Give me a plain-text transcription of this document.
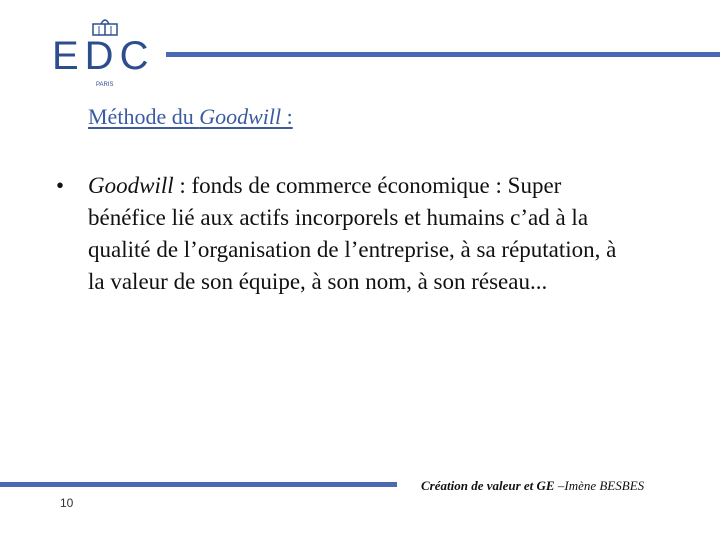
EDC
PARIS
Méthode du Goodwill :
• Goodwill : fonds de commerce économique : Super bénéfice lié aux actifs incorporels et humains c’ad à la qualité de l’organisation de l’entreprise, à sa réputation, à la valeur de son équipe, à son nom, à son réseau...
Création de valeur et GE –Imène BESBES
10
